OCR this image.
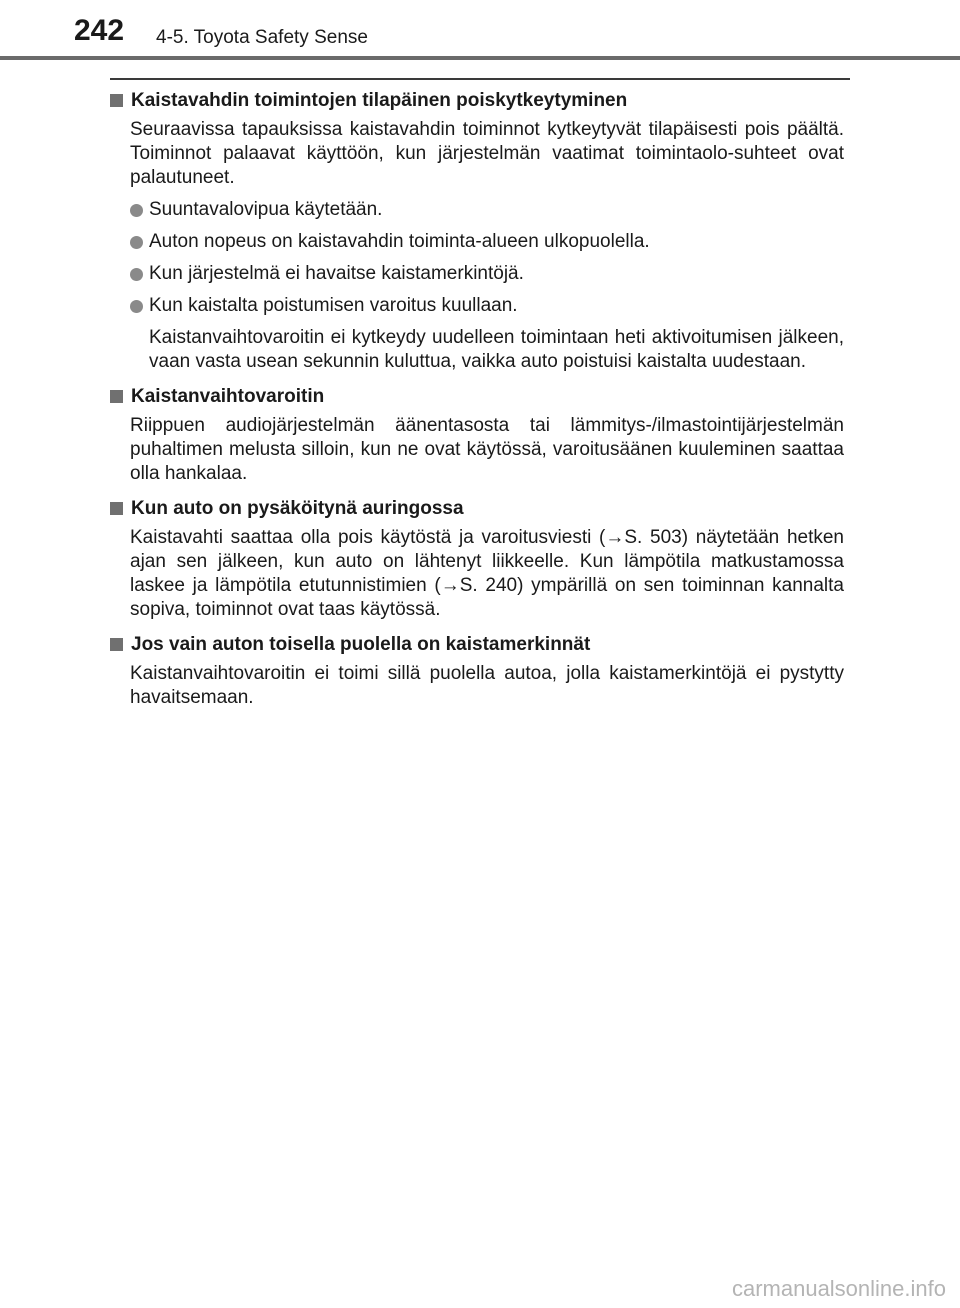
242 4-5. Toyota Safety Sense
Kaistavahdin toimintojen tilapäinen poiskytkeytyminen
Seuraavissa tapauksissa kaistavahdin toiminnot kytkeytyvät tilapäisesti pois päältä. Toiminnot palaavat käyttöön, kun järjestelmän vaatimat toimintaolo-suhteet ovat palautuneet.
Suuntavalovipua käytetään.
Auton nopeus on kaistavahdin toiminta-alueen ulkopuolella.
Kun järjestelmä ei havaitse kaistamerkintöjä.
Kun kaistalta poistumisen varoitus kuullaan.
Kaistanvaihtovaroitin ei kytkeydy uudelleen toimintaan heti aktivoitumisen jälkeen, vaan vasta usean sekunnin kuluttua, vaikka auto poistuisi kaistalta uudestaan.
Kaistanvaihtovaroitin
Riippuen audiojärjestelmän äänentasosta tai lämmitys-/ilmastointijärjestelmän puhaltimen melusta silloin, kun ne ovat käytössä, varoitusäänen kuuleminen saattaa olla hankalaa.
Kun auto on pysäköitynä auringossa
Kaistavahti saattaa olla pois käytöstä ja varoitusviesti (→S. 503) näytetään hetken ajan sen jälkeen, kun auto on lähtenyt liikkeelle. Kun lämpötila matkustamossa laskee ja lämpötila etutunnistimien (→S. 240) ympärillä on sen toiminnan kannalta sopiva, toiminnot ovat taas käytössä.
Jos vain auton toisella puolella on kaistamerkinnät
Kaistanvaihtovaroitin ei toimi sillä puolella autoa, jolla kaistamerkintöjä ei pystytty havaitsemaan.
carmanualsonline.info
